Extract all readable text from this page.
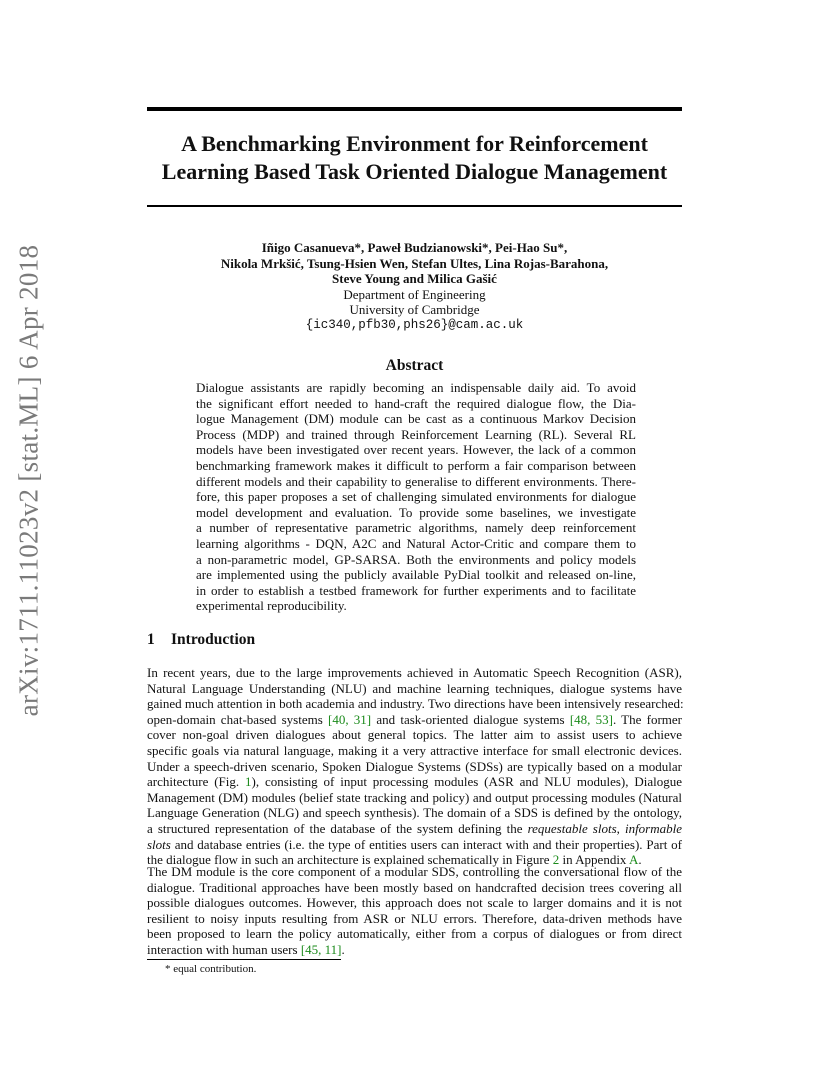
arXiv:1711.11023v2 [stat.ML] 6 Apr 2018
A Benchmarking Environment for Reinforcement
Learning Based Task Oriented Dialogue Management
Iñigo Casanueva*, Paweł Budzianowski*, Pei-Hao Su*,
Nikola Mrkšić, Tsung-Hsien Wen, Stefan Ultes, Lina Rojas-Barahona,
Steve Young and Milica Gašić
Department of Engineering
University of Cambridge
{ic340,pfb30,phs26}@cam.ac.uk
Abstract
Dialogue assistants are rapidly becoming an indispensable daily aid. To avoid
the significant effort needed to hand-craft the required dialogue flow, the Dia-
logue Management (DM) module can be cast as a continuous Markov Decision
Process (MDP) and trained through Reinforcement Learning (RL). Several RL
models have been investigated over recent years. However, the lack of a common
benchmarking framework makes it difficult to perform a fair comparison between
different models and their capability to generalise to different environments. There-
fore, this paper proposes a set of challenging simulated environments for dialogue
model development and evaluation. To provide some baselines, we investigate
a number of representative parametric algorithms, namely deep reinforcement
learning algorithms - DQN, A2C and Natural Actor-Critic and compare them to
a non-parametric model, GP-SARSA. Both the environments and policy models
are implemented using the publicly available PyDial toolkit and released on-line,
in order to establish a testbed framework for further experiments and to facilitate
experimental reproducibility.
1 Introduction
In recent years, due to the large improvements achieved in Automatic Speech Recognition (ASR),
Natural Language Understanding (NLU) and machine learning techniques, dialogue systems have
gained much attention in both academia and industry. Two directions have been intensively researched:
open-domain chat-based systems [40, 31] and task-oriented dialogue systems [48, 53]. The former
cover non-goal driven dialogues about general topics. The latter aim to assist users to achieve
specific goals via natural language, making it a very attractive interface for small electronic devices.
Under a speech-driven scenario, Spoken Dialogue Systems (SDSs) are typically based on a modular
architecture (Fig. 1), consisting of input processing modules (ASR and NLU modules), Dialogue
Management (DM) modules (belief state tracking and policy) and output processing modules (Natural
Language Generation (NLG) and speech synthesis). The domain of a SDS is defined by the ontology,
a structured representation of the database of the system defining the requestable slots, informable
slots and database entries (i.e. the type of entities users can interact with and their properties). Part of
the dialogue flow in such an architecture is explained schematically in Figure 2 in Appendix A.
The DM module is the core component of a modular SDS, controlling the conversational flow of the
dialogue. Traditional approaches have been mostly based on handcrafted decision trees covering all
possible dialogues outcomes. However, this approach does not scale to larger domains and it is not
resilient to noisy inputs resulting from ASR or NLU errors. Therefore, data-driven methods have
been proposed to learn the policy automatically, either from a corpus of dialogues or from direct
interaction with human users [45, 11].
* equal contribution.
